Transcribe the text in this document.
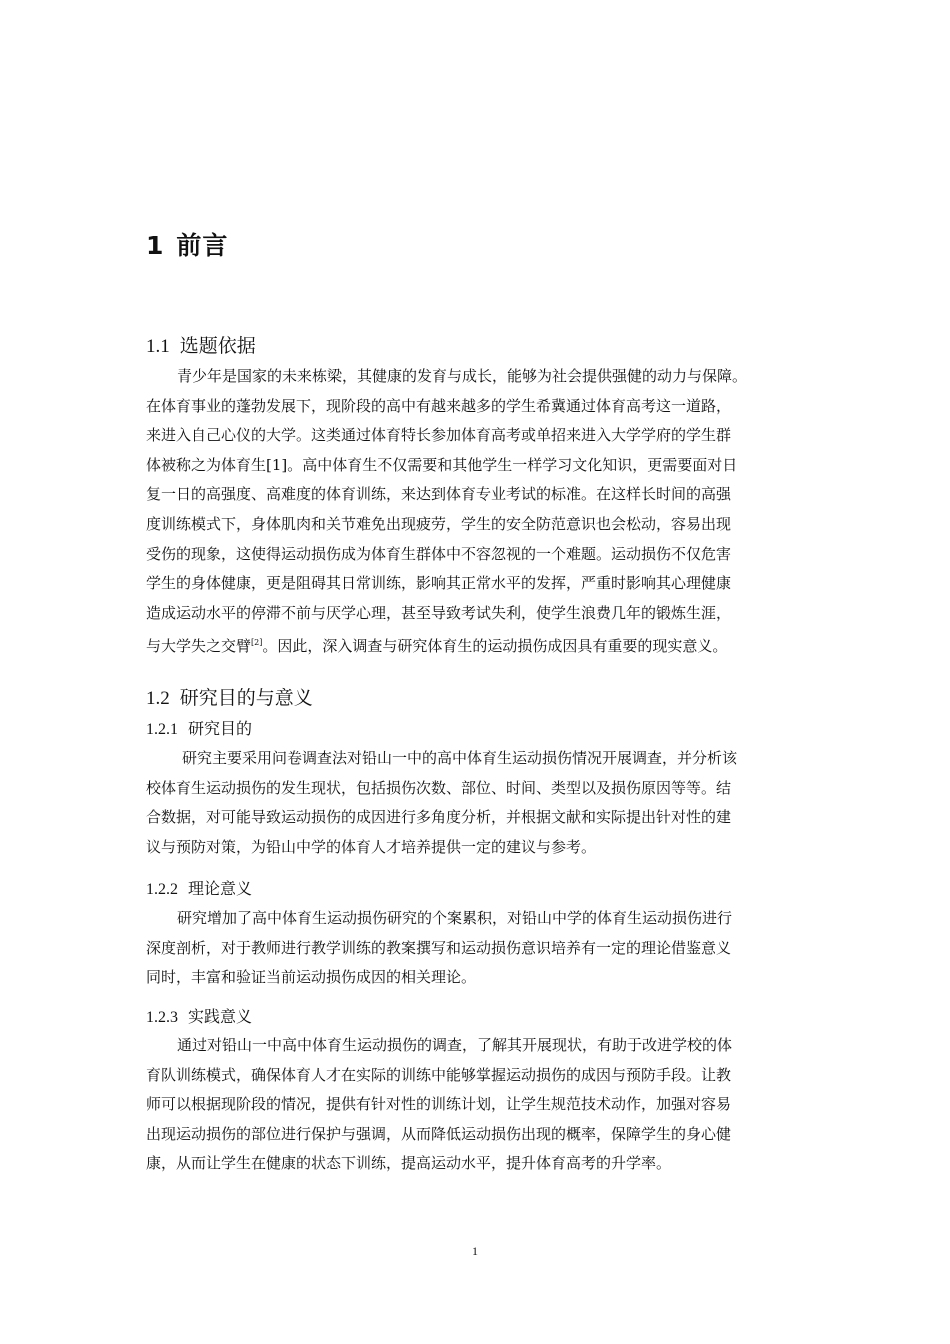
1 前言
1.1 选题依据
青少年是国家的未来栋梁，其健康的发育与成长，能够为社会提供强健的动力与保障。
在体育事业的蓬勃发展下，现阶段的高中有越来越多的学生希冀通过体育高考这一道路，
来进入自己心仪的大学。这类通过体育特长参加体育高考或单招来进入大学学府的学生群
体被称之为体育生[1]。高中体育生不仅需要和其他学生一样学习文化知识，更需要面对日
复一日的高强度、高难度的体育训练，来达到体育专业考试的标准。在这样长时间的高强
度训练模式下，身体肌肉和关节难免出现疲劳，学生的安全防范意识也会松动，容易出现
受伤的现象，这使得运动损伤成为体育生群体中不容忽视的一个难题。运动损伤不仅危害
学生的身体健康，更是阻碍其日常训练，影响其正常水平的发挥，严重时影响其心理健康
造成运动水平的停滞不前与厌学心理，甚至导致考试失利，使学生浪费几年的锻炼生涯，
与大学失之交臂[2]。因此，深入调查与研究体育生的运动损伤成因具有重要的现实意义。
1.2 研究目的与意义
1.2.1 研究目的
研究主要采用问卷调查法对铅山一中的高中体育生运动损伤情况开展调查，并分析该
校体育生运动损伤的发生现状，包括损伤次数、部位、时间、类型以及损伤原因等等。结
合数据，对可能导致运动损伤的成因进行多角度分析，并根据文献和实际提出针对性的建
议与预防对策，为铅山中学的体育人才培养提供一定的建议与参考。
1.2.2 理论意义
研究增加了高中体育生运动损伤研究的个案累积，对铅山中学的体育生运动损伤进行
深度剖析，对于教师进行教学训练的教案撰写和运动损伤意识培养有一定的理论借鉴意义
同时，丰富和验证当前运动损伤成因的相关理论。
1.2.3 实践意义
通过对铅山一中高中体育生运动损伤的调查，了解其开展现状，有助于改进学校的体
育队训练模式，确保体育人才在实际的训练中能够掌握运动损伤的成因与预防手段。让教
师可以根据现阶段的情况，提供有针对性的训练计划，让学生规范技术动作，加强对容易
出现运动损伤的部位进行保护与强调，从而降低运动损伤出现的概率，保障学生的身心健
康，从而让学生在健康的状态下训练，提高运动水平，提升体育高考的升学率。
1
